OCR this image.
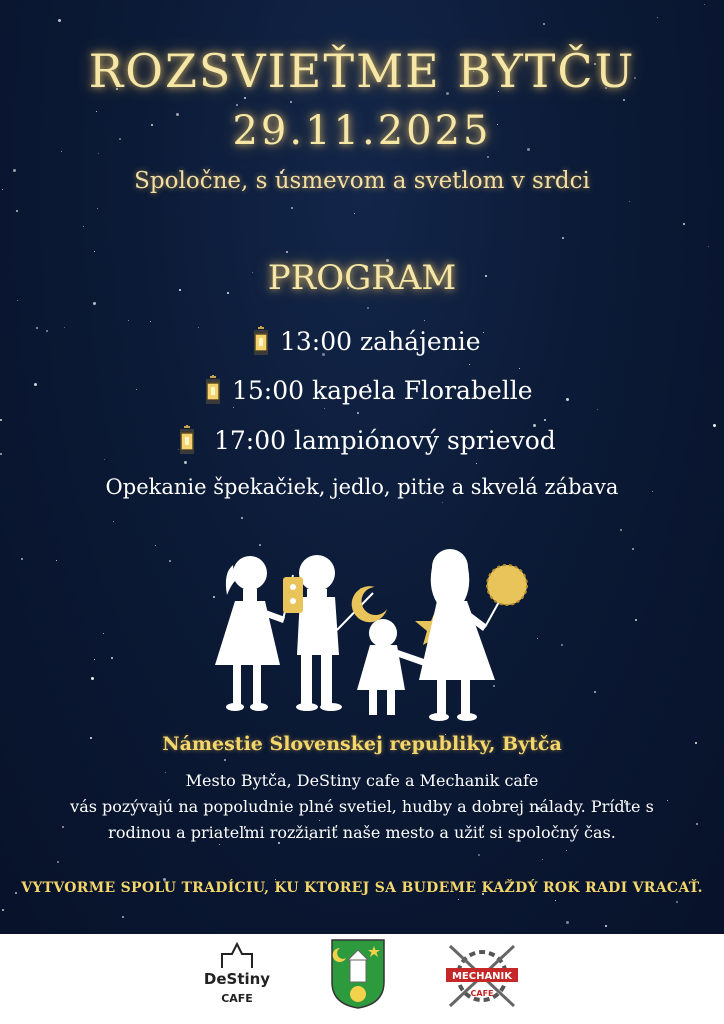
ROZSVIEŤME BYTČU
29.11.2025
Spoločne, s úsmevom a svetlom v srdci
PROGRAM
13:00 zahájenie
15:00 kapela Florabelle
17:00 lampiónový sprievod
Opekanie špekačiek, jedlo, pitie a skvelá zábava
Námestie Slovenskej republiky, Bytča
Mesto Bytča, DeStiny cafe a Mechanik cafe
vás pozývajú na popoludnie plné svetiel, hudby a dobrej nálady. Príďte s
rodinou a priateľmi rozžiariť naše mesto a užiť si spoločný čas.
VYTVORME SPOLU TRADÍCIU, KU KTOREJ SA BUDEME KAŽDÝ ROK RADI VRACAŤ.
DeStiny
CAFE
MECHANIK
CAFE
